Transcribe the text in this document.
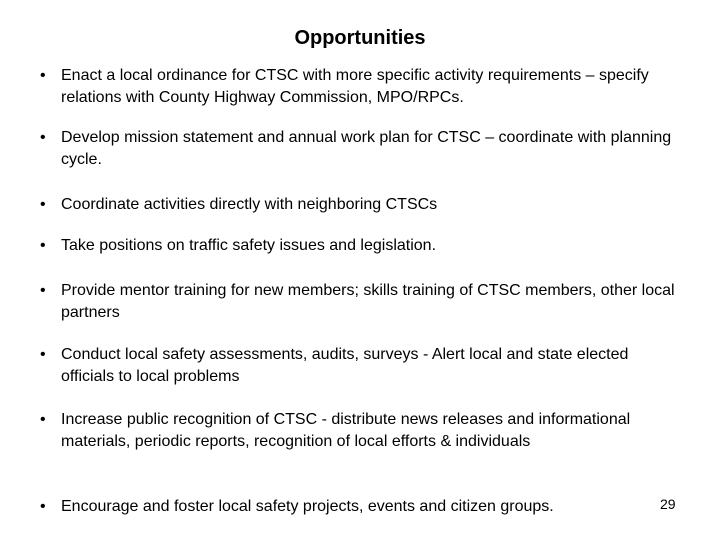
Opportunities
• Enact a local ordinance for CTSC with more specific activity requirements – specify relations with County Highway Commission, MPO/RPCs.
• Develop mission statement and annual work plan for CTSC – coordinate with planning cycle.
• Coordinate activities directly with neighboring CTSCs
• Take positions on traffic safety issues and legislation.
• Provide mentor training for new members; skills training of CTSC members, other local partners
• Conduct local safety assessments, audits, surveys - Alert local and state elected officials to local problems
• Increase public recognition of CTSC - distribute news releases and informational materials, periodic reports, recognition of local efforts & individuals
• Encourage and foster local safety projects, events and citizen groups.	29
